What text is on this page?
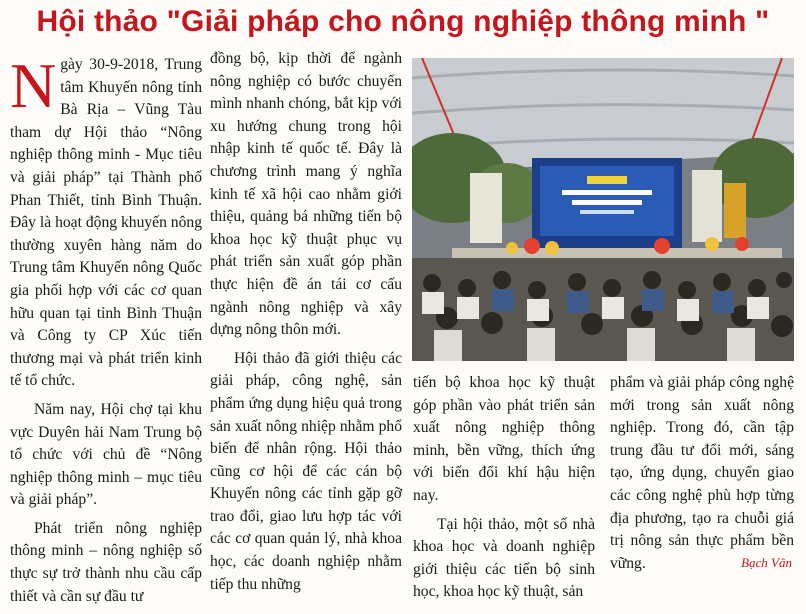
Hội thảo "Giải pháp cho nông nghiệp thông minh "

Ngày 30-9-2018, Trung tâm Khuyến nông tỉnh Bà Rịa – Vũng Tàu tham dự Hội thảo “Nông nghiệp thông minh - Mục tiêu và giải pháp” tại Thành phố Phan Thiết, tỉnh Bình Thuận. Đây là hoạt động khuyến nông thường xuyên hàng năm do Trung tâm Khuyến nông Quốc gia phối hợp với các cơ quan hữu quan tại tỉnh Bình Thuận và Công ty CP Xúc tiến thương mại và phát triển kinh tế tổ chức.

Năm nay, Hội chợ tại khu vực Duyên hải Nam Trung bộ tổ chức với chủ đề “Nông nghiệp thông minh – mục tiêu và giải pháp”.

Phát triển nông nghiệp thông minh – nông nghiệp số thực sự trở thành nhu cầu cấp thiết và cần sự đầu tư

đồng bộ, kịp thời để ngành nông nghiệp có bước chuyển mình nhanh chóng, bắt kịp với xu hướng chung trong hội nhập kinh tế quốc tế. Đây là chương trình mang ý nghĩa kinh tế xã hội cao nhằm giới thiệu, quảng bá những tiến bộ khoa học kỹ thuật phục vụ phát triển sản xuất góp phần thực hiện đề án tái cơ cấu ngành nông nghiệp và xây dựng nông thôn mới.

Hội thảo đã giới thiệu các giải pháp, công nghệ, sản phẩm ứng dụng hiệu quả trong sản xuất nông nhiệp nhằm phổ biến để nhân rộng. Hội thảo cũng cơ hội để các cán bộ Khuyến nông các tỉnh gặp gỡ trao đổi, giao lưu hợp tác với các cơ quan quản lý, nhà khoa học, các doanh nghiệp nhằm tiếp thu những

tiến bộ khoa học kỹ thuật góp phần vào phát triển sản xuất nông nghiệp thông minh, bền vững, thích ứng với biến đổi khí hậu hiện nay.

Tại hội thảo, một số nhà khoa học và doanh nghiệp giới thiệu các tiến bộ sinh học, khoa học kỹ thuật, sản

phẩm và giải pháp công nghệ mới trong sản xuất nông nghiệp. Trong đó, cần tập trung đầu tư đổi mới, sáng tạo, ứng dụng, chuyển giao các công nghệ phù hợp từng địa phương, tạo ra chuỗi giá trị nông sản thực phẩm bền vững.	Bạch Vân
